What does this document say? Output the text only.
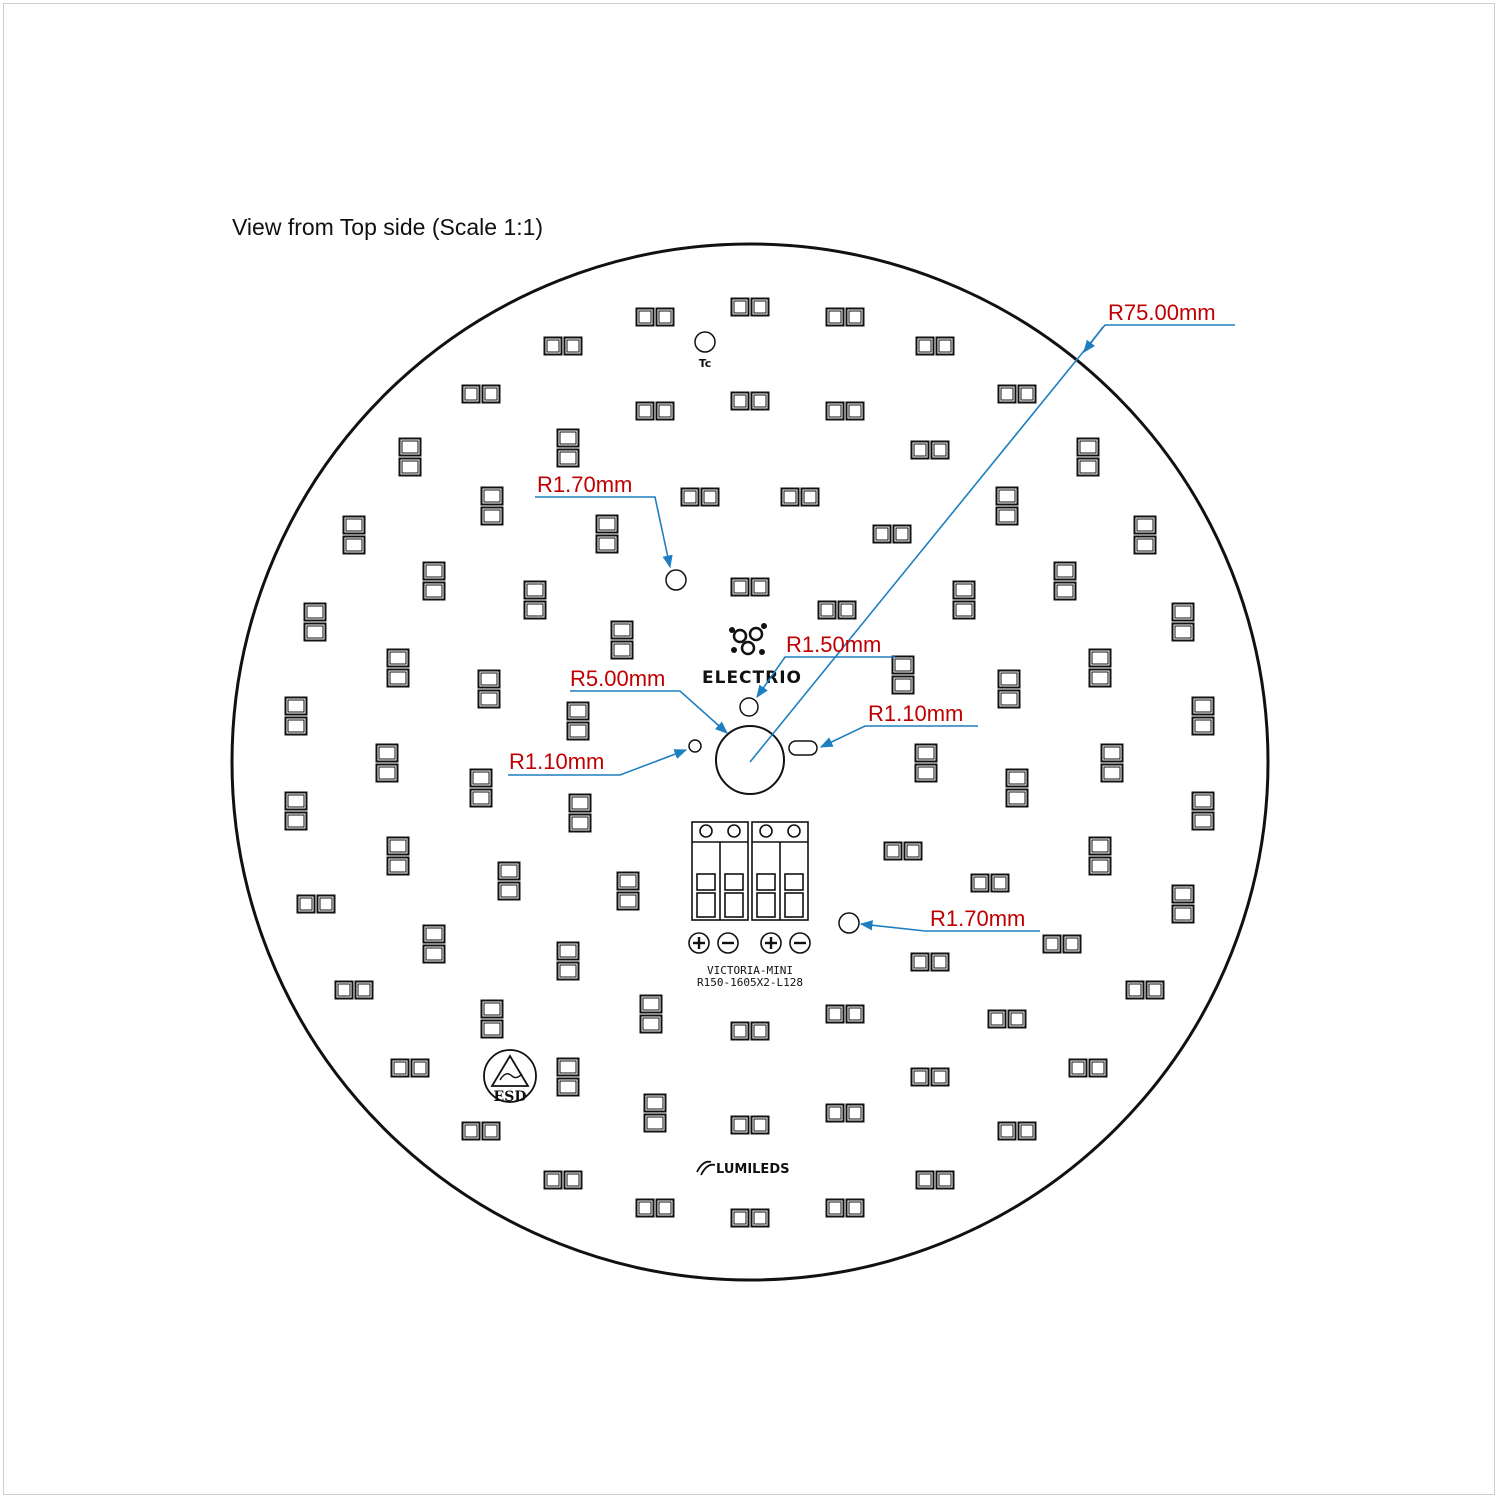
View from Top side (Scale 1:1)
Tc
ELECTRIO
VICTORIA-MINI
R150-1605X2-L128
ESD
LUMILEDS
R75.00mm
R1.70mm
R1.50mm
R5.00mm
R1.10mm
R1.10mm
R1.70mm
